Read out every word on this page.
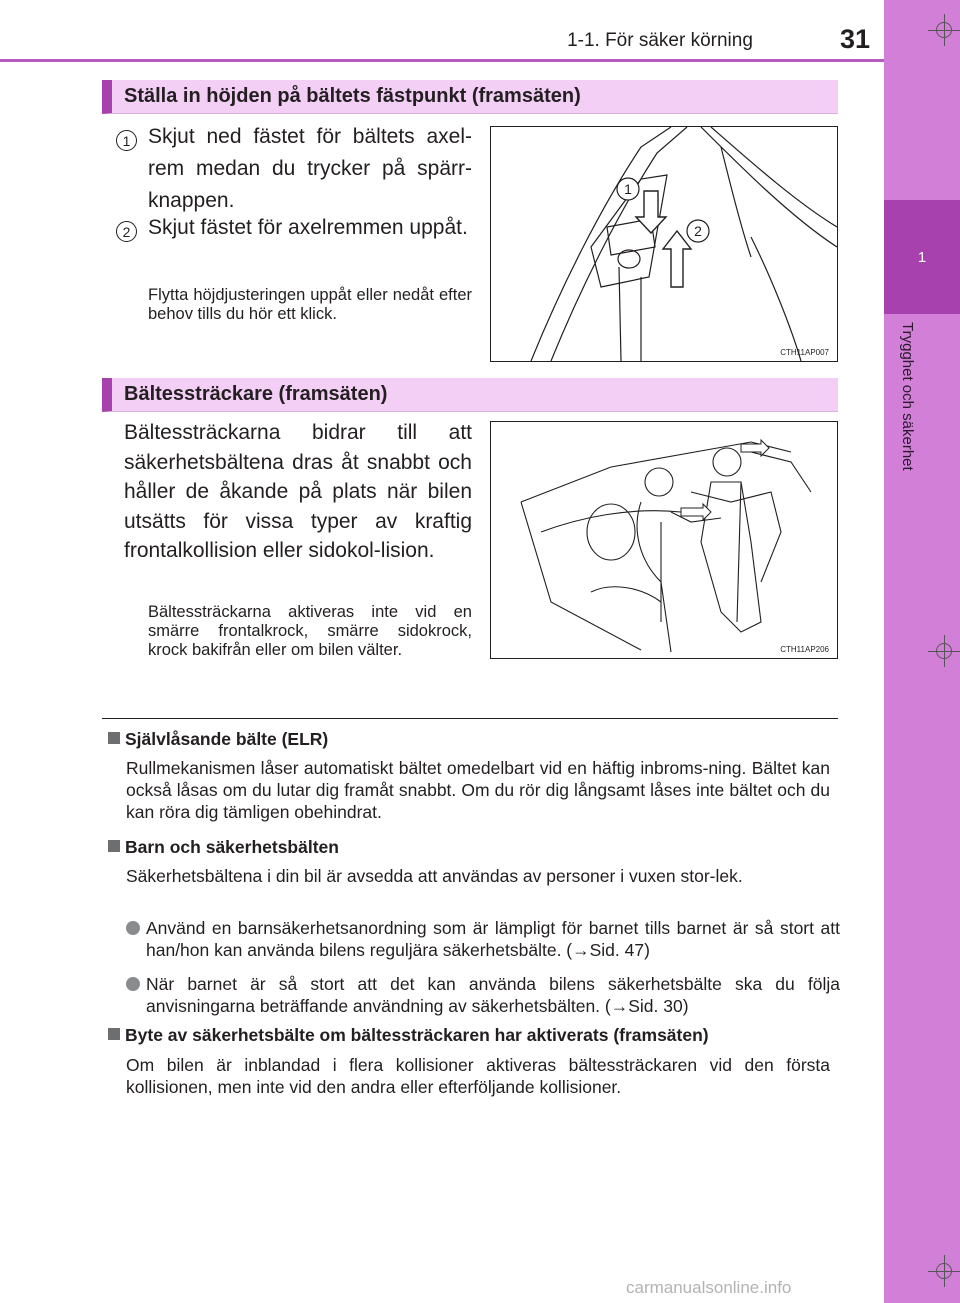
1-1. För säker körning	31
1
Trygghet och säkerhet
Ställa in höjden på bältets fästpunkt (framsäten)
1 Skjut ned fästet för bältets axel-rem medan du trycker på spärr-knappen.
2 Skjut fästet för axelremmen uppåt.
Flytta höjdjusteringen uppåt eller nedåt efter behov tills du hör ett klick.
1
2
CTH11AP007
Bältessträckare (framsäten)
Bältessträckarna bidrar till att säkerhetsbältena dras åt snabbt och håller de åkande på plats när bilen utsätts för vissa typer av kraftig frontalkollision eller sidokol-lision.
Bältessträckarna aktiveras inte vid en smärre frontalkrock, smärre sidokrock, krock bakifrån eller om bilen välter.	CTH11AP206
Självlåsande bälte (ELR)
Rullmekanismen låser automatiskt bältet omedelbart vid en häftig inbroms-ning. Bältet kan också låsas om du lutar dig framåt snabbt. Om du rör dig långsamt låses inte bältet och du kan röra dig tämligen obehindrat.
Barn och säkerhetsbälten
Säkerhetsbältena i din bil är avsedda att användas av personer i vuxen stor-lek.
Använd en barnsäkerhetsanordning som är lämpligt för barnet tills barnet är så stort att han/hon kan använda bilens reguljära säkerhetsbälte. (→Sid. 47)
När barnet är så stort att det kan använda bilens säkerhetsbälte ska du följa anvisningarna beträffande användning av säkerhetsbälten. (→Sid. 30)
Byte av säkerhetsbälte om bältessträckaren har aktiverats (framsäten)
Om bilen är inblandad i flera kollisioner aktiveras bältessträckaren vid den första kollisionen, men inte vid den andra eller efterföljande kollisioner.
carmanualsonline.info
